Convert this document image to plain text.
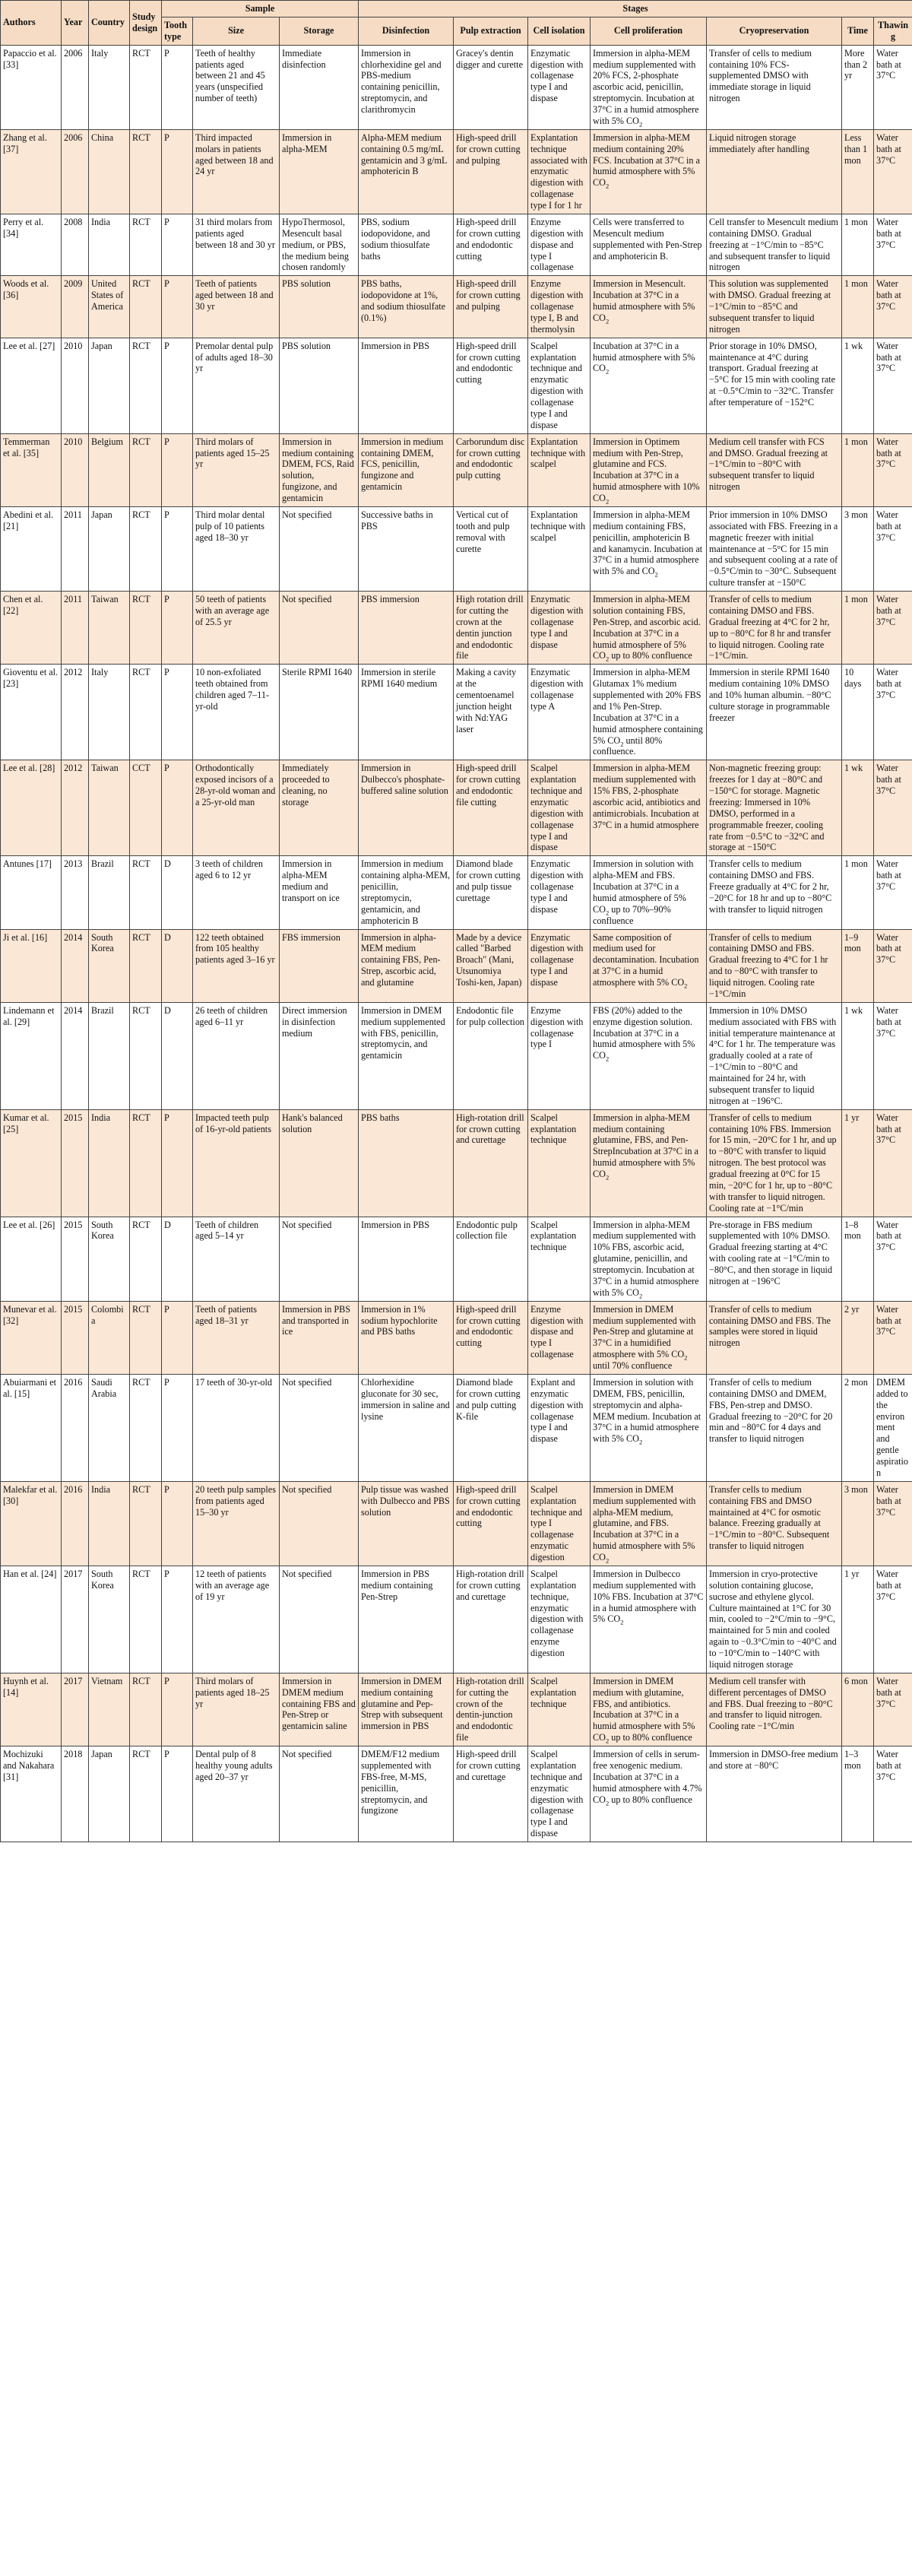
Authors	Year	Country	Study design	Sample			Stages						
				Tooth type	Size	Storage	Disinfection	Pulp extraction	Cell isolation	Cell proliferation	Cryopreservation	Time	Thawing
Papaccio et al. [33]	2006	Italy	RCT	P	Teeth of healthy patients aged between 21 and 45 years (unspecified number of teeth)	Immediate disinfection	Immersion in chlorhexidine gel and PBS-medium containing penicillin, streptomycin, and clarithromycin	Gracey's dentin digger and curette	Enzymatic digestion with collagenase type I and dispase	Immersion in alpha-MEM medium supplemented with 20% FCS, 2-phosphate ascorbic acid, penicillin, streptomycin. Incubation at 37°C in a humid atmosphere with 5% $CO_2$	Transfer of cells to medium containing 10% FCS-supplemented DMSO with immediate storage in liquid nitrogen	More than 2 yr	Water bath at 37°C
Zhang et al. [37]	2006	China	RCT	P	Third impacted molars in patients aged between 18 and 24 yr	Immersion in alpha-MEM	Alpha-MEM medium containing 0.5 mg/mL gentamicin and 3 g/mL amphotericin B	High-speed drill for crown cutting and pulping	Explantation technique associated with enzymatic digestion with collagenase type I for 1 hr	Immersion in alpha-MEM medium containing 20% FCS. Incubation at 37°C in a humid atmosphere with 5% $CO_2$	Liquid nitrogen storage immediately after handling	Less than 1 mon	Water bath at 37°C
Perry et al. [34]	2008	India	RCT	P	31 third molars from patients aged between 18 and 30 yr	HypoThermosol, Mesencult basal medium, or PBS, the medium being chosen randomly	PBS, sodium iodopovidone, and sodium thiosulfate baths	High-speed drill for crown cutting and endodontic cutting	Enzyme digestion with dispase and type I collagenase	Cells were transferred to Mesencult medium supplemented with Pen-Strep and amphotericin B.	Cell transfer to Mesencult medium containing DMSO. Gradual freezing at −1°C/min to −85°C and subsequent transfer to liquid nitrogen	1 mon	Water bath at 37°C
Woods et al. [36]	2009	United States of America	RCT	P	Teeth of patients aged between 18 and 30 yr	PBS solution	PBS baths, iodopovidone at 1%, and sodium thiosulfate (0.1%)	High-speed drill for crown cutting and pulping	Enzyme digestion with collagenase type I, B and thermolysin	Immersion in Mesencult. Incubation at 37°C in a humid atmosphere with 5% $CO_2$	This solution was supplemented with DMSO. Gradual freezing at −1°C/min to −85°C and subsequent transfer to liquid nitrogen	1 mon	Water bath at 37°C
Lee et al. [27]	2010	Japan	RCT	P	Premolar dental pulp of adults aged 18–30 yr	PBS solution	Immersion in PBS	High-speed drill for crown cutting and endodontic cutting	Scalpel explantation technique and enzymatic digestion with collagenase type I and dispase	Incubation at 37°C in a humid atmosphere with 5% $CO_2$	Prior storage in 10% DMSO, maintenance at 4°C during transport. Gradual freezing at −5°C for 15 min with cooling rate at −0.5°C/min to −32°C. Transfer after temperature of −152°C	1 wk	Water bath at 37°C
Temmerman et al. [35]	2010	Belgium	RCT	P	Third molars of patients aged 15–25 yr	Immersion in medium containing DMEM, FCS, Raid solution, fungizone, and gentamicin	Immersion in medium containing DMEM, FCS, penicillin, fungizone and gentamicin	Carborundum disc for crown cutting and endodontic pulp cutting	Explantation technique with scalpel	Immersion in Optimem medium with Pen-Strep, glutamine and FCS. Incubation at 37°C in a humid atmosphere with 10% $CO_2$	Medium cell transfer with FCS and DMSO. Gradual freezing at −1°C/min to −80°C with subsequent transfer to liquid nitrogen	1 mon	Water bath at 37°C
Abedini et al. [21]	2011	Japan	RCT	P	Third molar dental pulp of 10 patients aged 18–30 yr	Not specified	Successive baths in PBS	Vertical cut of tooth and pulp removal with curette	Explantation technique with scalpel	Immersion in alpha-MEM medium containing FBS, penicillin, amphotericin B and kanamycin. Incubation at 37°C in a humid atmosphere with 5% and $CO_2$	Prior immersion in 10% DMSO associated with FBS. Freezing in a magnetic freezer with initial maintenance at −5°C for 15 min and subsequent cooling at a rate of −0.5°C/min to −30°C. Subsequent culture transfer at −150°C	3 mon	Water bath at 37°C
Chen et al. [22]	2011	Taiwan	RCT	P	50 teeth of patients with an average age of 25.5 yr	Not specified	PBS immersion	High rotation drill for cutting the crown at the dentin junction and endodontic file	Enzymatic digestion with collagenase type I and dispase	Immersion in alpha-MEM solution containing FBS, Pen-Strep, and ascorbic acid. Incubation at 37°C in a humid atmosphere of 5% $CO_2$ up to 80% confluence	Transfer of cells to medium containing DMSO and FBS. Gradual freezing at 4°C for 2 hr, up to −80°C for 8 hr and transfer to liquid nitrogen. Cooling rate −1°C/min.	1 mon	Water bath at 37°C
Gioventu et al. [23]	2012	Italy	RCT	P	10 non-exfoliated teeth obtained from children aged 7–11-yr-old	Sterile RPMI 1640	Immersion in sterile RPMI 1640 medium	Making a cavity at the cementoenamel junction height with Nd:YAG laser	Enzymatic digestion with collagenase type A	Immersion in alpha-MEM Glutamax 1% medium supplemented with 20% FBS and 1% Pen-Strep. Incubation at 37°C in a humid atmosphere containing 5% $CO_2$ until 80% confluence.	Immersion in sterile RPMI 1640 medium containing 10% DMSO and 10% human albumin. −80°C culture storage in programmable freezer	10 days	Water bath at 37°C
Lee et al. [28]	2012	Taiwan	CCT	P	Orthodontically exposed incisors of a 28-yr-old woman and a 25-yr-old man	Immediately proceeded to cleaning, no storage	Immersion in Dulbecco's phosphate-buffered saline solution	High-speed drill for crown cutting and endodontic file cutting	Scalpel explantation technique and enzymatic digestion with collagenase type I and dispase	Immersion in alpha-MEM medium supplemented with 15% FBS, 2-phosphate ascorbic acid, antibiotics and antimicrobials. Incubation at 37°C in a humid atmosphere	Non-magnetic freezing group: freezes for 1 day at −80°C and −150°C for storage. Magnetic freezing: Immersed in 10% DMSO, performed in a programmable freezer, cooling rate from −0.5°C to −32°C and storage at −150°C	1 wk	Water bath at 37°C
Antunes [17]	2013	Brazil	RCT	D	3 teeth of children aged 6 to 12 yr	Immersion in alpha-MEM medium and transport on ice	Immersion in medium containing alpha-MEM, penicillin, streptomycin, gentamicin, and amphotericin B	Diamond blade for crown cutting and pulp tissue curettage	Enzymatic digestion with collagenase type I and dispase	Immersion in solution with alpha-MEM and FBS. Incubation at 37°C in a humid atmosphere of 5% $CO_2$ up to 70%–90% confluence	Transfer cells to medium containing DMSO and FBS. Freeze gradually at 4°C for 2 hr, −20°C for 18 hr and up to −80°C with transfer to liquid nitrogen	1 mon	Water bath at 37°C
Ji et al. [16]	2014	South Korea	RCT	D	122 teeth obtained from 105 healthy patients aged 3–16 yr	FBS immersion	Immersion in alpha-MEM medium containing FBS, Pen-Strep, ascorbic acid, and glutamine	Made by a device called "Barbed Broach" (Mani, Utsunomiya Toshi-ken, Japan)	Enzymatic digestion with collagenase type I and dispase	Same composition of medium used for decontamination. Incubation at 37°C in a humid atmosphere with 5% $CO_2$	Transfer of cells to medium containing DMSO and FBS. Gradual freezing to 4°C for 1 hr and to −80°C with transfer to liquid nitrogen. Cooling rate −1°C/min	1–9 mon	Water bath at 37°C
Lindemann et al. [29]	2014	Brazil	RCT	D	26 teeth of children aged 6–11 yr	Direct immersion in disinfection medium	Immersion in DMEM medium supplemented with FBS, penicillin, streptomycin, and gentamicin	Endodontic file for pulp collection	Enzyme digestion with collagenase type I	FBS (20%) added to the enzyme digestion solution. Incubation at 37°C in a humid atmosphere with 5% $CO_2$	Immersion in 10% DMSO medium associated with FBS with initial temperature maintenance at 4°C for 1 hr. The temperature was gradually cooled at a rate of −1°C/min to −80°C and maintained for 24 hr, with subsequent transfer to liquid nitrogen at −196°C.	1 wk	Water bath at 37°C
Kumar et al. [25]	2015	India	RCT	P	Impacted teeth pulp of 16-yr-old patients	Hank's balanced solution	PBS baths	High-rotation drill for crown cutting and curettage	Scalpel explantation technique	Immersion in alpha-MEM medium containing glutamine, FBS, and Pen-StrepIncubation at 37°C in a humid atmosphere with 5% $CO_2$	Transfer of cells to medium containing 10% FBS. Immersion for 15 min, −20°C for 1 hr, and up to −80°C with transfer to liquid nitrogen. The best protocol was gradual freezing at 0°C for 15 min, −20°C for 1 hr, up to −80°C with transfer to liquid nitrogen. Cooling rate at −1°C/min	1 yr	Water bath at 37°C
Lee et al. [26]	2015	South Korea	RCT	D	Teeth of children aged 5–14 yr	Not specified	Immersion in PBS	Endodontic pulp collection file	Scalpel explantation technique	Immersion in alpha-MEM medium supplemented with 10% FBS, ascorbic acid, glutamine, penicillin, and streptomycin. Incubation at 37°C in a humid atmosphere with 5% $CO_2$	Pre-storage in FBS medium supplemented with 10% DMSO. Gradual freezing starting at 4°C with cooling rate at −1°C/min to −80°C, and then storage in liquid nitrogen at −196°C	1–8 mon	Water bath at 37°C
Munevar et al. [32]	2015	Colombia	RCT	P	Teeth of patients aged 18–31 yr	Immersion in PBS and transported in ice	Immersion in 1% sodium hypochlorite and PBS baths	High-speed drill for crown cutting and endodontic cutting	Enzyme digestion with dispase and type I collagenase	Immersion in DMEM medium supplemented with Pen-Strep and glutamine at 37°C in a humidified atmosphere with 5% $CO_2$ until 70% confluence	Transfer of cells to medium containing DMSO and FBS. The samples were stored in liquid nitrogen	2 yr	Water bath at 37°C
Abuiarmani et al. [15]	2016	Saudi Arabia	RCT	P	17 teeth of 30-yr-old	Not specified	Chlorhexidine gluconate for 30 sec, immersion in saline and lysine	Diamond blade for crown cutting and pulp cutting K-file	Explant and enzymatic digestion with collagenase type I and dispase	Immersion in solution with DMEM, FBS, penicillin, streptomycin and alpha-MEM medium. Incubation at 37°C in a humid atmosphere with 5% $CO_2$	Transfer of cells to medium containing DMSO and DMEM, FBS, Pen-strep and DMSO. Gradual freezing to −20°C for 20 min and −80°C for 4 days and transfer to liquid nitrogen	2 mon	DMEM added to the environment and gentle aspiration
Malekfar et al. [30]	2016	India	RCT	P	20 teeth pulp samples from patients aged 15–30 yr	Not specified	Pulp tissue was washed with Dulbecco and PBS solution	High-speed drill for crown cutting and endodontic cutting	Scalpel explantation technique and type I collagenase enzymatic digestion	Immersion in DMEM medium supplemented with alpha-MEM medium, glutamine, and FBS. Incubation at 37°C in a humid atmosphere with 5% $CO_2$	Transfer cells to medium containing FBS and DMSO maintained at 4°C for osmotic balance. Freezing gradually at −1°C/min to −80°C. Subsequent transfer to liquid nitrogen	3 mon	Water bath at 37°C
Han et al. [24]	2017	South Korea	RCT	P	12 teeth of patients with an average age of 19 yr	Not specified	Immersion in PBS medium containing Pen-Strep	High-rotation drill for crown cutting and curettage	Scalpel explantation technique, enzymatic digestion with collagenase enzyme digestion	Immersion in Dulbecco medium supplemented with 10% FBS. Incubation at 37°C in a humid atmosphere with 5% $CO_2$	Immersion in cryo-protective solution containing glucose, sucrose and ethylene glycol. Culture maintained at 1°C for 30 min, cooled to −2°C/min to −9°C, maintained for 5 min and cooled again to −0.3°C/min to −40°C and to −10°C/min to −140°C with liquid nitrogen storage	1 yr	Water bath at 37°C
Huynh et al. [14]	2017	Vietnam	RCT	P	Third molars of patients aged 18–25 yr	Immersion in DMEM medium containing FBS and Pen-Strep or gentamicin saline	Immersion in DMEM medium containing glutamine and Pep-Strep with subsequent immersion in PBS	High-rotation drill for cutting the crown of the dentin-junction and endodontic file	Scalpel explantation technique	Immersion in DMEM medium with glutamine, FBS, and antibiotics. Incubation at 37°C in a humid atmosphere with 5% $CO_2$ up to 80% confluence	Medium cell transfer with different percentages of DMSO and FBS. Dual freezing to −80°C and transfer to liquid nitrogen. Cooling rate −1°C/min	6 mon	Water bath at 37°C
Mochizuki and Nakahara [31]	2018	Japan	RCT	P	Dental pulp of 8 healthy young adults aged 20–37 yr	Not specified	DMEM/F12 medium supplemented with FBS-free, M-MS, penicillin, streptomycin, and fungizone	High-speed drill for crown cutting and curettage	Scalpel explantation technique and enzymatic digestion with collagenase type I and dispase	Immersion of cells in serum-free xenogenic medium. Incubation at 37°C in a humid atmosphere with 4.7% $CO_2$ up to 80% confluence	Immersion in DMSO-free medium and store at −80°C	1–3 mon	Water bath at 37°C
